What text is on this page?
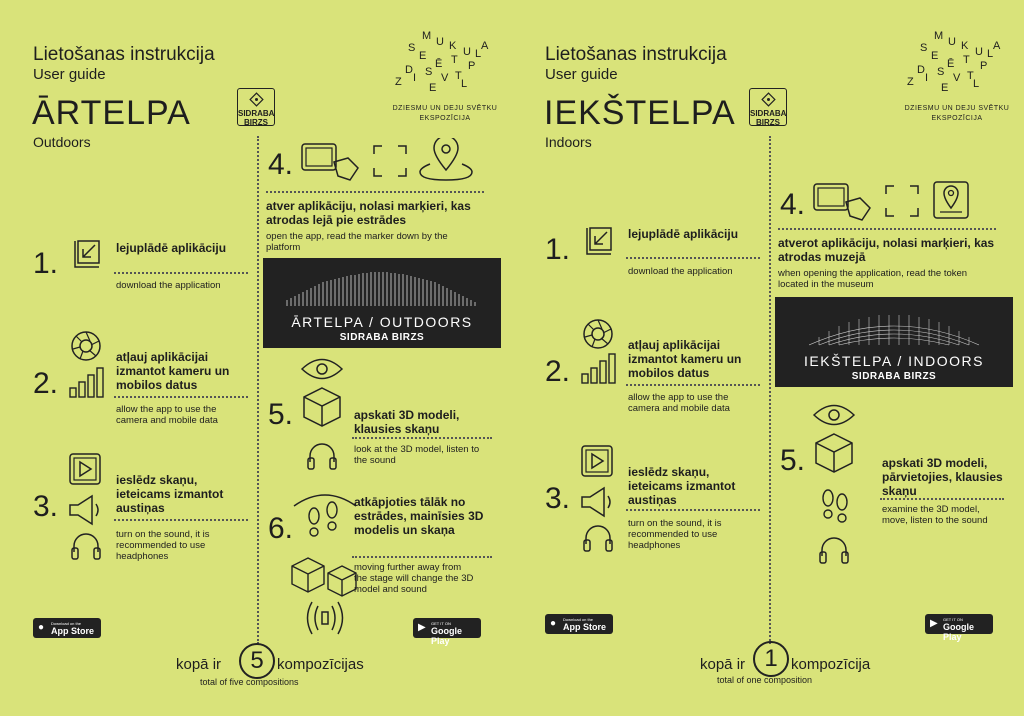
Lietošanas instrukcija
User guide
ĀRTELPA
Outdoors
SIDRABA
BIRZS
M U
S
E
K U
T P
L
A
D
Z I
Ē
S V T
E L
DZIESMU UN DEJU SVĒTKU
EKSPOZĪCIJA
1.	lejuplādē aplikāciju
download the application
2.
atļauj aplikācijai izmantot kameru un mobilos datus
allow the app to use the camera and mobile data
3.
ieslēdz skaņu, ieteicams izmantot austiņas
turn on the sound, it is recommended to use headphones
4.
atver aplikāciju, nolasi marķieri, kas atrodas lejā pie estrādes
open the app, read the marker down by the platform
ĀRTELPA / OUTDOORS
SIDRABA BIRZS
5.	apskati 3D modeli, klausies skaņu
look at the 3D model, listen to the sound
6.
atkāpjoties tālāk no estrādes, mainīsies 3D modelis un skaņa
moving further away from the stage will change the 3D model and sound
● Download on the
App Store	▶ GET IT ON
Google Play
kopā ir	5 kompozīcijas
total of five compositions
Lietošanas instrukcija
User guide
IEKŠTELPA
Indoors
SIDRABA
BIRZS
M U
S
E
K U
T P
L
A
D
Z I
Ē
S V T
E L
DZIESMU UN DEJU SVĒTKU
EKSPOZĪCIJA
1.	lejuplādē aplikāciju
download the application
2.
atļauj aplikācijai izmantot kameru un mobilos datus
allow the app to use the camera and mobile data
3.
ieslēdz skaņu, ieteicams izmantot austiņas
turn on the sound, it is recommended to use headphones
4.
atverot aplikāciju, nolasi marķieri, kas atrodas muzejā
when opening the application, read the token located in the museum
IEKŠTELPA / INDOORS
SIDRABA BIRZS
5.	apskati 3D modeli, pārvietojies, klausies skaņu
examine the 3D model, move, listen to the sound
● Download on the
App Store	▶ GET IT ON
Google Play
kopā ir 1 kompozīcija
total of one composition
